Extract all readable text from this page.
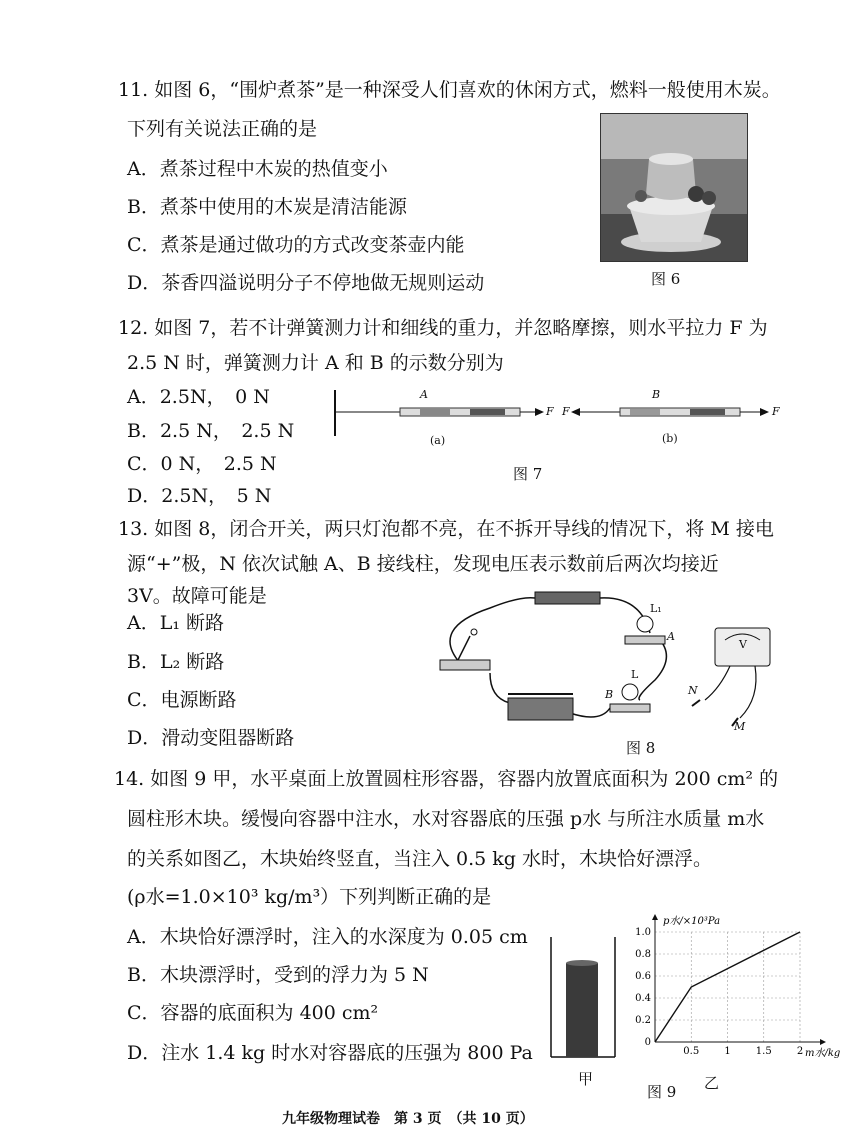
11. 如图 6，“围炉煮茶”是一种深受人们喜欢的休闲方式，燃料一般使用木炭。
下列有关说法正确的是
A．煮茶过程中木炭的热值变小
B．煮茶中使用的木炭是清洁能源
C．煮茶是通过做功的方式改变茶壶内能
D．茶香四溢说明分子不停地做无规则运动	图 6
12. 如图 7，若不计弹簧测力计和细线的重力，并忽略摩擦，则水平拉力 F 为
2.5 N 时，弹簧测力计 A 和 B 的示数分别为
A．2.5N，　0 N
B．2.5 N，　2.5 N
C．0 N，　2.5 N
D．2.5N，　5 N
A	B
F F	F
(a)	(b)
图 7
13. 如图 8，闭合开关，两只灯泡都不亮，在不拆开导线的情况下，将 M 接电
源“+”极，N 依次试触 A、B 接线柱，发现电压表示数前后两次均接近
3V。故障可能是
A．L₁ 断路
B．L₂ 断路
C．电源断路
D．滑动变阻器断路
L₁
A
L
B
V
N
M
图 8
14. 如图 9 甲，水平桌面上放置圆柱形容器，容器内放置底面积为 200 cm² 的
圆柱形木块。缓慢向容器中注水，水对容器底的压强 p水 与所注水质量 m水
的关系如图乙，木块始终竖直，当注入 0.5 kg 水时，木块恰好漂浮。
(ρ水=1.0×10³ kg/m³）下列判断正确的是
A．木块恰好漂浮时，注入的水深度为 0.05 cm
B．木块漂浮时，受到的浮力为 5 N
C．容器的底面积为 400 cm²
D．注水 1.4 kg 时水对容器底的压强为 800 Pa
甲
0.5	1	1.5	2
0.2
0.4
0.6
0.8
1.0
0
p水/×10³Pa
m水/kg
乙
图 9
九年级物理试卷　第 3 页　（共 10 页）
